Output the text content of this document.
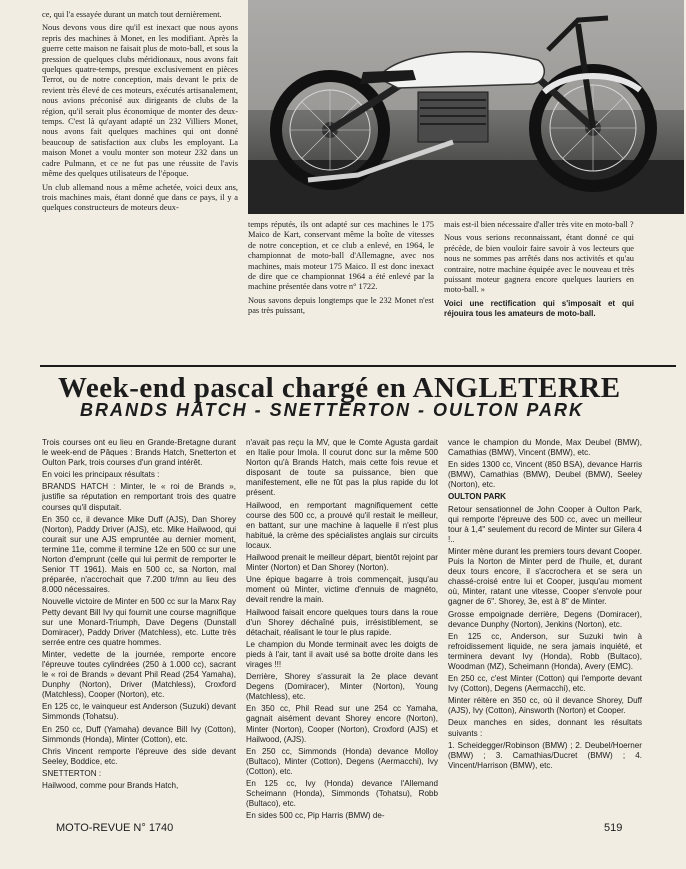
ce, qui l'a essayée durant un match tout dernièrement.

Nous devons vous dire qu'il est inexact que nous ayons repris des machines à Monet, en les modifiant. Après la guerre cette maison ne faisait plus de moto-ball, et sous la pression de quelques clubs méridionaux, nous avons fait quelques quatre-temps, presque exclusivement en pièces Terrot, ou de notre conception, mais devant le prix de revient très élevé de ces moteurs, exécutés artisanalement, nous avions préconisé aux dirigeants de clubs de la région, qu'il serait plus économique de monter des deux-temps. C'est là qu'ayant adapté un 232 Villiers Monet, nous avons fait quelques machines qui ont donné beaucoup de satisfaction aux clubs les employant. La maison Monet a voulu monter son moteur 232 dans un cadre Pulmann, et ce ne fut pas une réussite de l'avis même des quelques utilisateurs de l'époque.

Un club allemand nous a même achetée, voici deux ans, trois machines mais, étant donné que dans ce pays, il y a quelques constructeurs de moteurs deux-

temps réputés, ils ont adapté sur ces machines le 175 Maico de Kart, conservant même la boîte de vitesses de notre conception, et ce club a enlevé, en 1964, le championnat de moto-ball d'Allemagne, avec nos machines, mais moteur 175 Maico. Il est donc inexact de dire que ce championnat 1964 a été enlevé par la machine présentée dans votre n° 1722.

Nous savons depuis longtemps que le 232 Monet n'est pas très puissant,

mais est-il bien nécessaire d'aller très vite en moto-ball ?

Nous vous serions reconnaissant, étant donné ce qui précède, de bien vouloir faire savoir à vos lecteurs que nous ne sommes pas arrêtés dans nos activités et qu'au contraire, notre machine équipée avec le nouveau et très puissant moteur gagnera encore quelques lauriers en moto-ball. »

Voici une rectification qui s'imposait et qui réjouira tous les amateurs de moto-ball.

Week-end pascal chargé en ANGLETERRE
BRANDS HATCH - SNETTERTON - OULTON PARK

Trois courses ont eu lieu en Grande-Bretagne durant le week-end de Pâques : Brands Hatch, Snetterton et Oulton Park, trois courses d'un grand intérêt.

En voici les principaux résultats :

BRANDS HATCH : Minter, le « roi de Brands », justifie sa réputation en remportant trois des quatre courses qu'il disputait.

En 350 cc, il devance Mike Duff (AJS), Dan Shorey (Norton), Paddy Driver (AJS), etc. Mike Hailwood, qui courait sur une AJS empruntée au dernier moment, termine 11e, comme il termine 12e en 500 cc sur une Norton d'emprunt (celle qui lui permit de remporter le Senior TT 1961). Mais en 500 cc, sa Norton, mal préparée, n'accrochait que 7.200 tr/mn au lieu des 8.000 nécessaires.

Nouvelle victoire de Minter en 500 cc sur la Manx Ray Petty devant Bill Ivy qui fournit une course magnifique sur une Monard-Triumph, Dave Degens (Dunstall Domiracer), Paddy Driver (Matchless), etc. Lutte très serrée entre ces quatre hommes.

Minter, vedette de la journée, remporte encore l'épreuve toutes cylindrées (250 à 1.000 cc), sacrant le « roi de Brands » devant Phil Read (254 Yamaha), Dunphy (Norton), Driver (Matchless), Croxford (Matchless), Cooper (Norton), etc.

En 125 cc, le vainqueur est Anderson (Suzuki) devant Simmonds (Tohatsu).

En 250 cc, Duff (Yamaha) devance Bill Ivy (Cotton), Simmonds (Honda), Minter (Cotton), etc.

Chris Vincent remporte l'épreuve des side devant Seeley, Boddice, etc.

SNETTERTON :

Hailwood, comme pour Brands Hatch,

n'avait pas reçu la MV, que le Comte Agusta gardait en Italie pour Imola. Il courut donc sur la même 500 Norton qu'à Brands Hatch, mais cette fois revue et disposant de toute sa puissance, bien que manifestement, elle ne fût pas la plus rapide du lot présent.

Hailwood, en remportant magnifiquement cette course des 500 cc, a prouvé qu'il restait le meilleur, en battant, sur une machine à laquelle il n'est plus habitué, la crème des spécialistes anglais sur circuits locaux.

Hailwood prenait le meilleur départ, bientôt rejoint par Minter (Norton) et Dan Shorey (Norton).

Une épique bagarre à trois commençait, jusqu'au moment où Minter, victime d'ennuis de magnéto, devait rendre la main.

Hailwood faisait encore quelques tours dans la roue d'un Shorey déchaîné puis, irrésistiblement, se détachait, réalisant le tour le plus rapide.

Le champion du Monde terminait avec les doigts de pieds à l'air, tant il avait usé sa botte droite dans les virages !!!

Derrière, Shorey s'assurait la 2e place devant Degens (Domiracer), Minter (Norton), Young (Matchless), etc.

En 350 cc, Phil Read sur une 254 cc Yamaha, gagnait aisément devant Shorey encore (Norton), Minter (Norton), Cooper (Norton), Croxford (AJS) et Hailwood, (AJS).

En 250 cc, Simmonds (Honda) devance Molloy (Bultaco), Minter (Cotton), Degens (Aermacchi), Ivy (Cotton), etc.

En 125 cc, Ivy (Honda) devance l'Allemand Scheimann (Honda), Simmonds (Tohatsu), Robb (Bultaco), etc.

En sides 500 cc, Pip Harris (BMW) de-

vance le champion du Monde, Max Deubel (BMW), Camathias (BMW), Vincent (BMW), etc.

En sides 1300 cc, Vincent (850 BSA), devance Harris (BMW), Camathias (BMW), Deubel (BMW), Seeley (Norton), etc.

OULTON PARK

Retour sensationnel de John Cooper à Oulton Park, qui remporte l'épreuve des 500 cc, avec un meilleur tour à 1,4" seulement du record de Minter sur Gilera 4 !..

Minter mène durant les premiers tours devant Cooper. Puis la Norton de Minter perd de l'huile, et, durant deux tours encore, il s'accrochera et se sera un chassé-croisé entre lui et Cooper, jusqu'au moment où, Minter, ratant une vitesse, Cooper s'envole pour gagner de 6". Shorey, 3e, est à 8" de Minter.

Grosse empoignade derrière, Degens (Domiracer), devance Dunphy (Norton), Jenkins (Norton), etc.

En 125 cc, Anderson, sur Suzuki twin à refroidissement liquide, ne sera jamais inquiété, et terminera devant Ivy (Honda), Robb (Bultaco), Woodman (MZ), Scheimann (Honda), Avery (EMC).

En 250 cc, c'est Minter (Cotton) qui l'emporte devant Ivy (Cotton), Degens (Aermacchi), etc.

Minter réitère en 350 cc, où il devance Shorey, Duff (AJS), Ivy (Cotton), Ainsworth (Norton) et Cooper.

Deux manches en sides, donnant les résultats suivants :

1. Scheidegger/Robinson (BMW) ; 2. Deubel/Hoerner (BMW) ; 3. Camathias/Ducret (BMW) ; 4. Vincent/Harrison (BMW), etc.

MOTO-REVUE N° 1740	519
